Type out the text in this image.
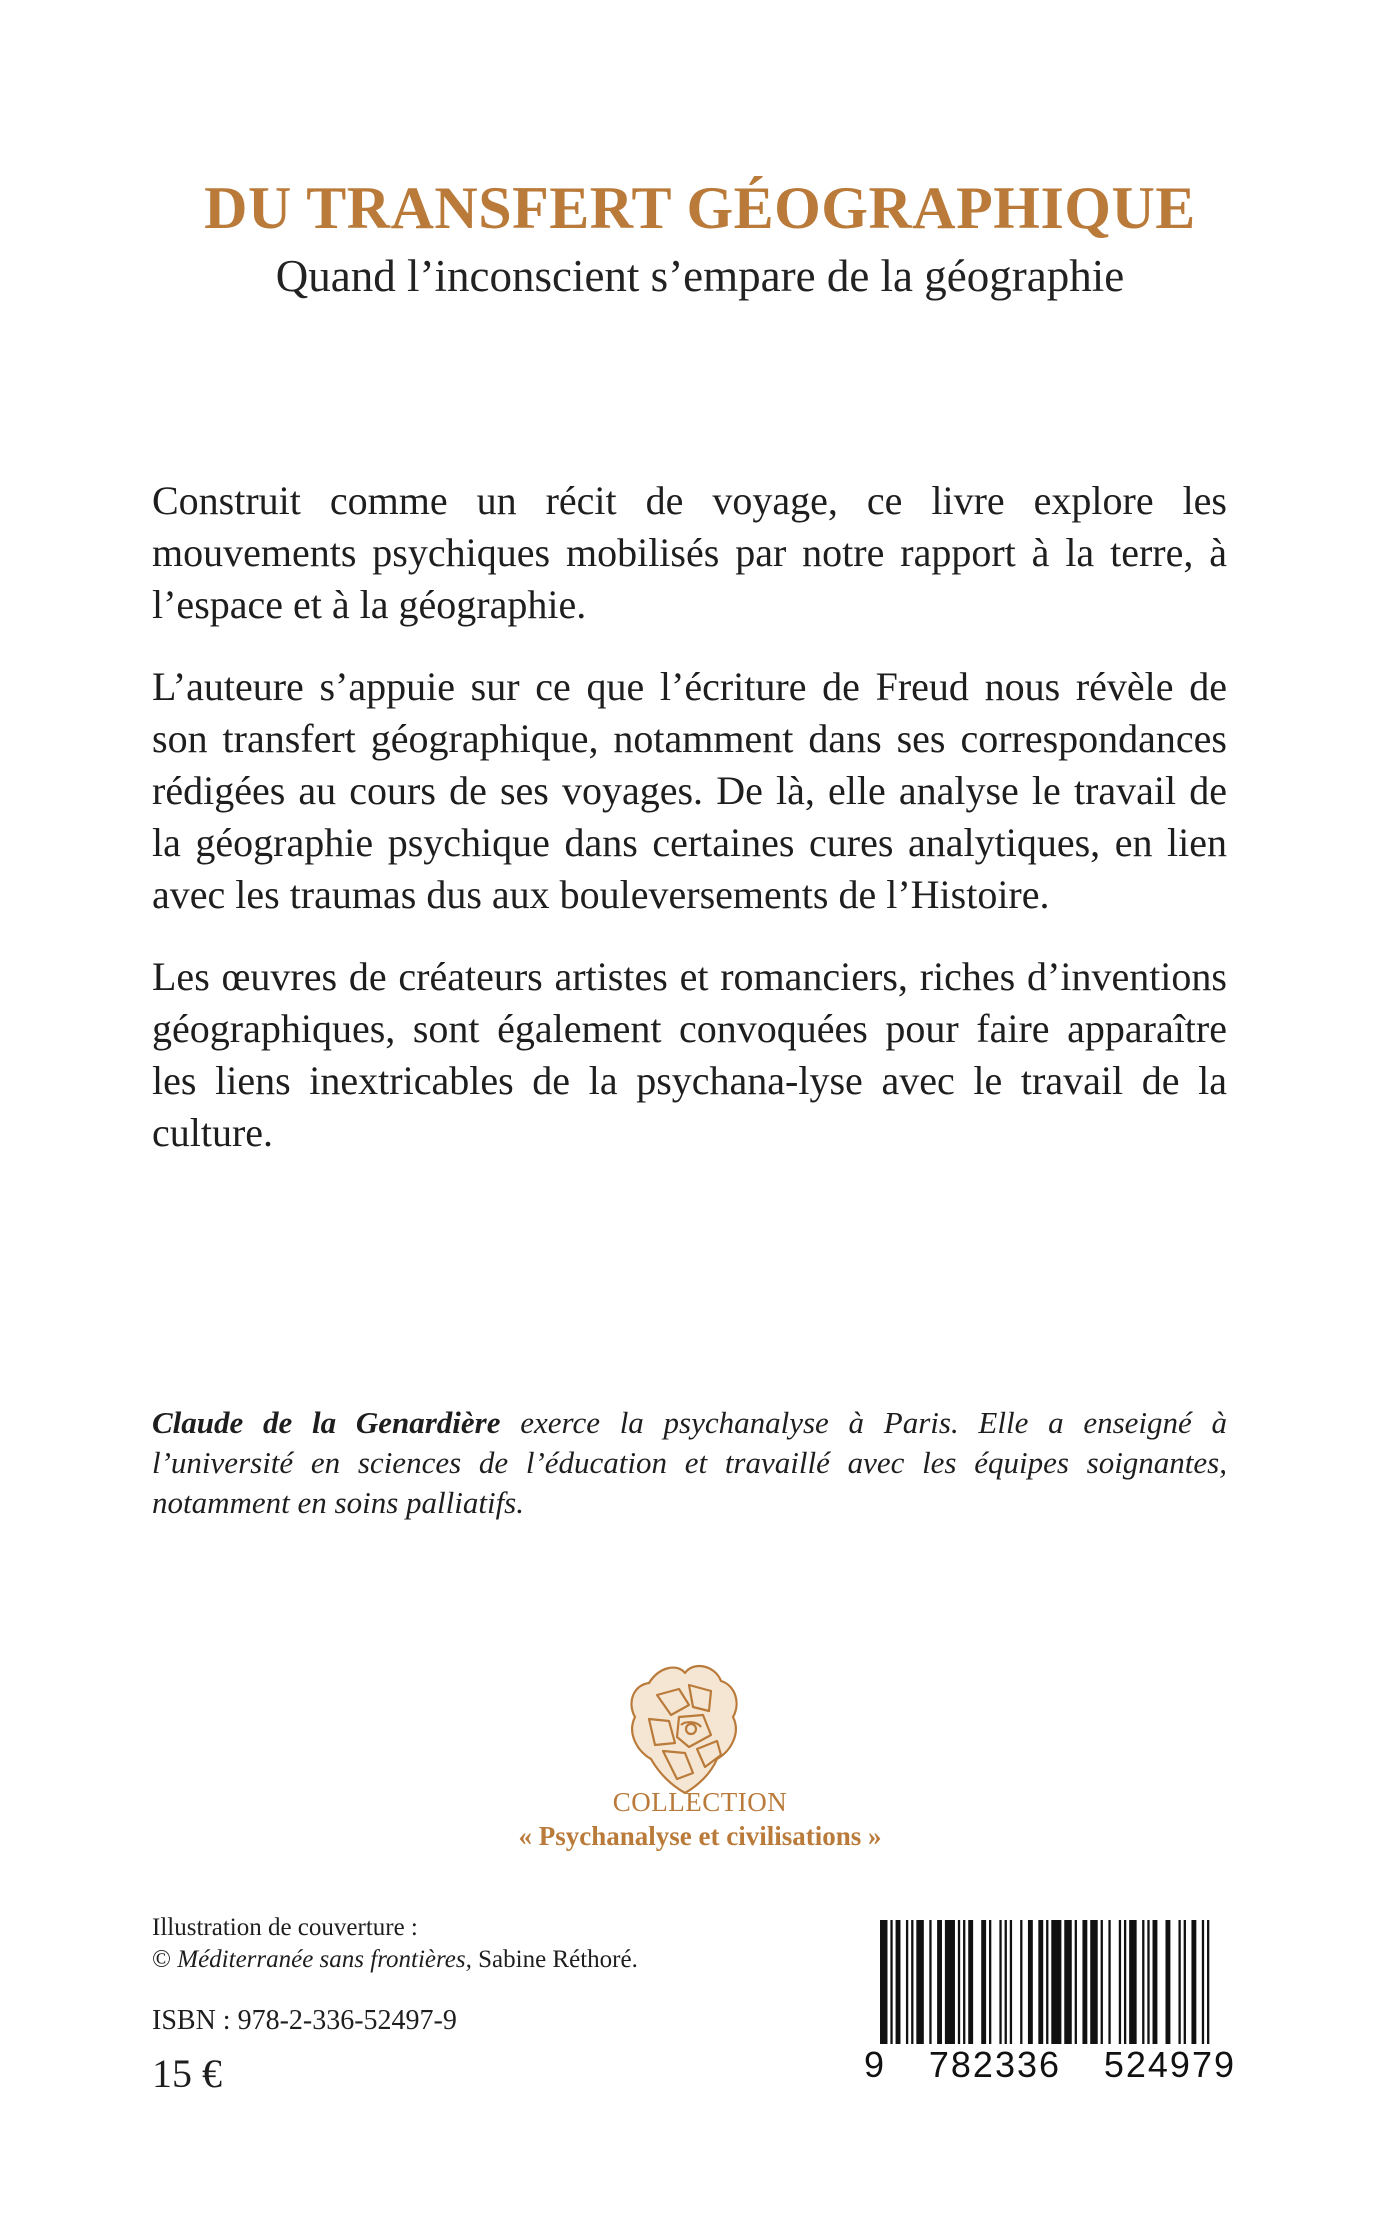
DU TRANSFERT GÉOGRAPHIQUE
Quand l’inconscient s’empare de la géographie

Construit comme un récit de voyage, ce livre explore les mouvements psychiques mobilisés par notre rapport à la terre, à l’espace et à la géographie.

L’auteure s’appuie sur ce que l’écriture de Freud nous révèle de son transfert géographique, notamment dans ses correspondances rédigées au cours de ses voyages. De là, elle analyse le travail de la géographie psychique dans certaines cures analytiques, en lien avec les traumas dus aux bouleversements de l’Histoire.

Les œuvres de créateurs artistes et romanciers, riches d’inventions géographiques, sont également convoquées pour faire apparaître les liens inextricables de la psychana-lyse avec le travail de la culture.

Claude de la Genardière exerce la psychanalyse à Paris. Elle a enseigné à l’université en sciences de l’éducation et travaillé avec les équipes soignantes, notamment en soins palliatifs.
COLLECTION
« Psychanalyse et civilisations »
Illustration de couverture :
© Méditerranée sans frontières, Sabine Réthoré.
ISBN : 978-2-336-52497-9
15 €	9 782336 524979
